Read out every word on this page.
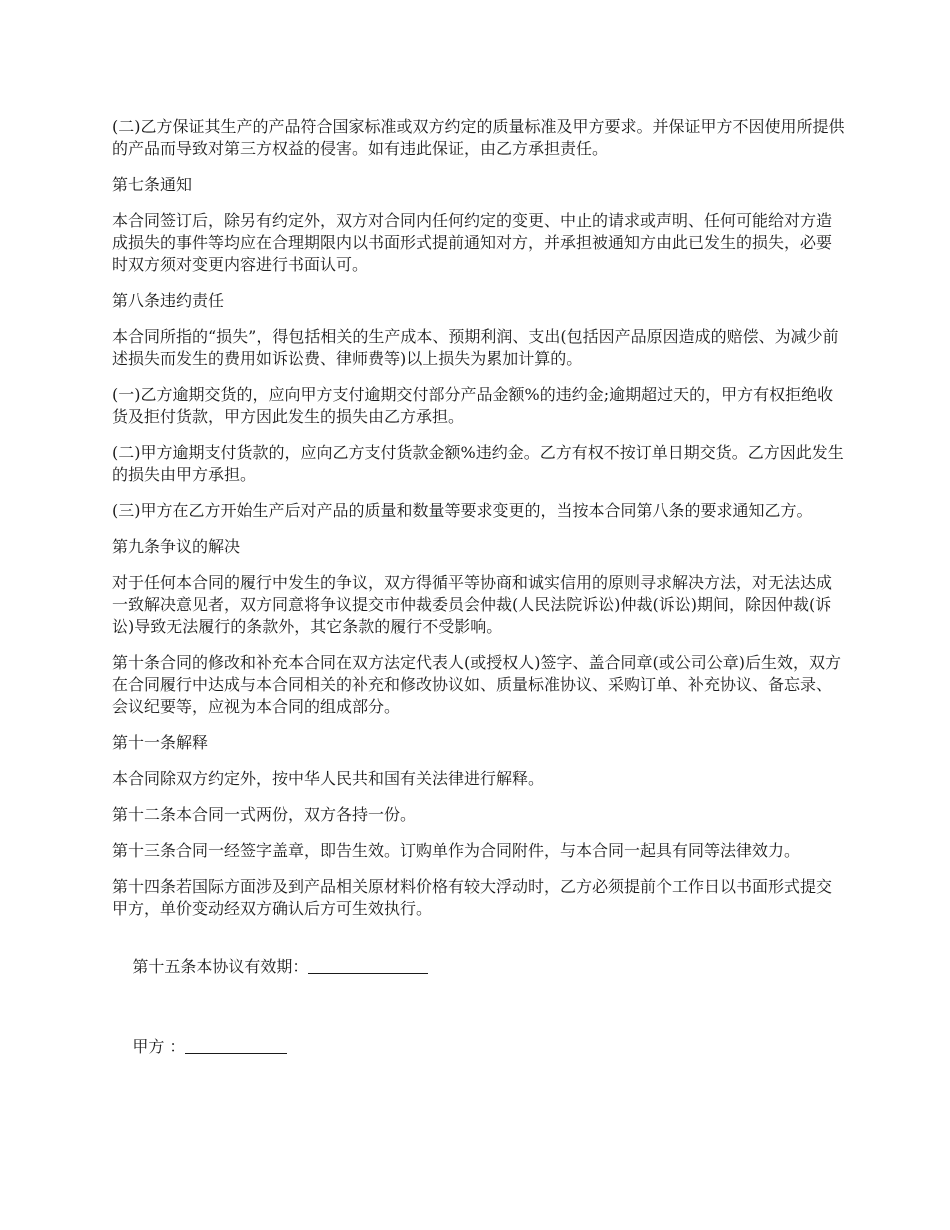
(二)乙方保证其生产的产品符合国家标准或双方约定的质量标准及甲方要求。并保证甲方不因使用所提供的产品而导致对第三方权益的侵害。如有违此保证，由乙方承担责任。

第七条通知

本合同签订后，除另有约定外，双方对合同内任何约定的变更、中止的请求或声明、任何可能给对方造成损失的事件等均应在合理期限内以书面形式提前通知对方，并承担被通知方由此已发生的损失，必要时双方须对变更内容进行书面认可。

第八条违约责任

本合同所指的“损失”，得包括相关的生产成本、预期利润、支出(包括因产品原因造成的赔偿、为减少前述损失而发生的费用如诉讼费、律师费等)以上损失为累加计算的。

(一)乙方逾期交货的，应向甲方支付逾期交付部分产品金额%的违约金;逾期超过天的，甲方有权拒绝收货及拒付货款，甲方因此发生的损失由乙方承担。

(二)甲方逾期支付货款的，应向乙方支付货款金额%违约金。乙方有权不按订单日期交货。乙方因此发生的损失由甲方承担。

(三)甲方在乙方开始生产后对产品的质量和数量等要求变更的，当按本合同第八条的要求通知乙方。

第九条争议的解决

对于任何本合同的履行中发生的争议，双方得循平等协商和诚实信用的原则寻求解决方法，对无法达成一致解决意见者，双方同意将争议提交市仲裁委员会仲裁(人民法院诉讼)仲裁(诉讼)期间，除因仲裁(诉讼)导致无法履行的条款外，其它条款的履行不受影响。

第十条合同的修改和补充本合同在双方法定代表人(或授权人)签字、盖合同章(或公司公章)后生效，双方在合同履行中达成与本合同相关的补充和修改协议如、质量标准协议、采购订单、补充协议、备忘录、会议纪要等，应视为本合同的组成部分。

第十一条解释

本合同除双方约定外，按中华人民共和国有关法律进行解释。

第十二条本合同一式两份，双方各持一份。

第十三条合同一经签字盖章，即告生效。订购单作为合同附件，与本合同一起具有同等法律效力。

第十四条若国际方面涉及到产品相关原材料价格有较大浮动时，乙方必须提前个工作日以书面形式提交甲方，单价变动经双方确认后方可生效执行。

第十五条本协议有效期：

甲方 ：
